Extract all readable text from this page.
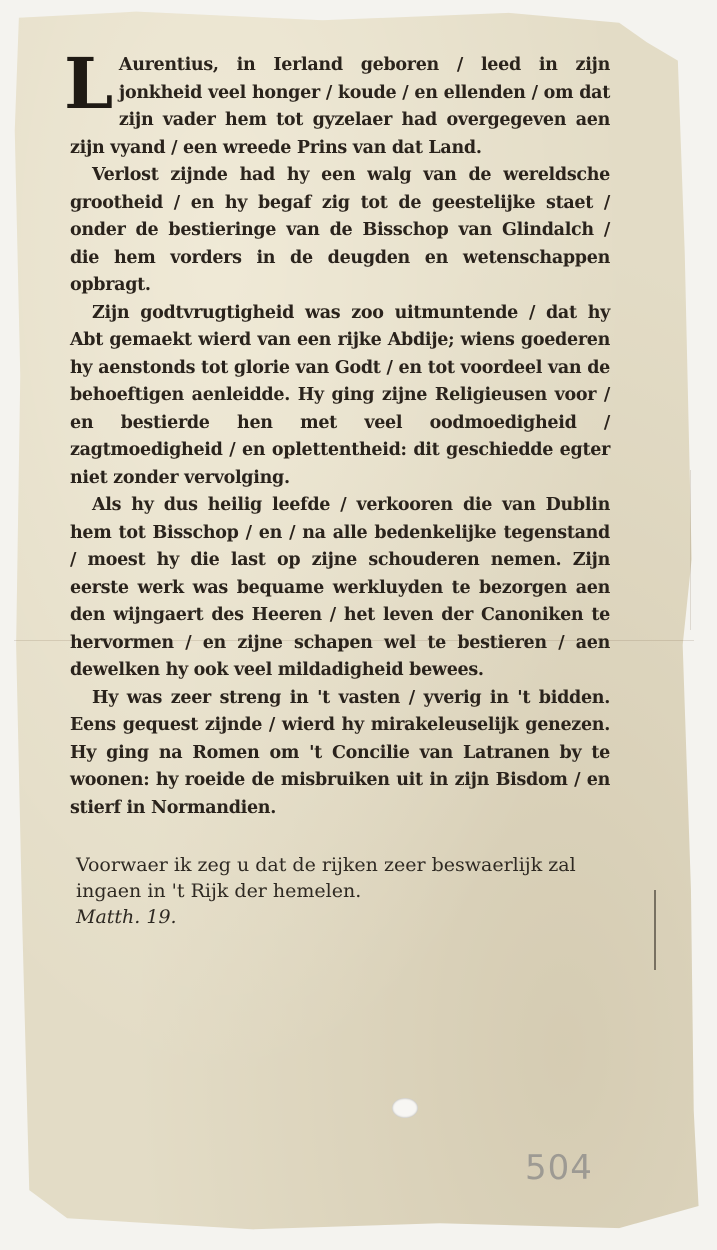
L Aurentius, in Ierland geboren / leed in zijn jonkheid veel honger / koude / en ellenden / om dat zijn vader hem tot gyzelaer had overgegeven aen zijn vyand / een wreede Prins van dat Land.

Verlost zijnde had hy een walg van de wereldsche grootheid / en hy begaf zig tot de geestelijke staet / onder de bestieringe van de Bisschop van Glindalch / die hem vorders in de deugden en wetenschappen opbragt.

Zijn godtvrugtigheid was zoo uitmuntende / dat hy Abt gemaekt wierd van een rijke Abdije; wiens goederen hy aenstonds tot glorie van Godt / en tot voordeel van de behoeftigen aenleidde. Hy ging zijne Religieusen voor / en bestierde hen met veel oodmoedigheid / zagtmoedigheid / en oplettentheid: dit geschiedde egter niet zonder vervolging.

Als hy dus heilig leefde / verkooren die van Dublin hem tot Bisschop / en / na alle bedenkelijke tegenstand / moest hy die last op zijne schouderen nemen. Zijn eerste werk was bequame werkluyden te bezorgen aen den wijngaert des Heeren / het leven der Canoniken te hervormen / en zijne schapen wel te bestieren / aen dewelken hy ook veel mildadigheid bewees.

Hy was zeer streng in 't vasten / yverig in 't bidden. Eens gequest zijnde / wierd hy mirakeleuselijk genezen. Hy ging na Romen om 't Concilie van Latranen by te woonen: hy roeide de misbruiken uit in zijn Bisdom / en stierf in Normandien.

Voorwaer ik zeg u dat de rijken zeer beswaerlijk zal ingaen in 't Rijk der hemelen.
Matth. 19.
504
